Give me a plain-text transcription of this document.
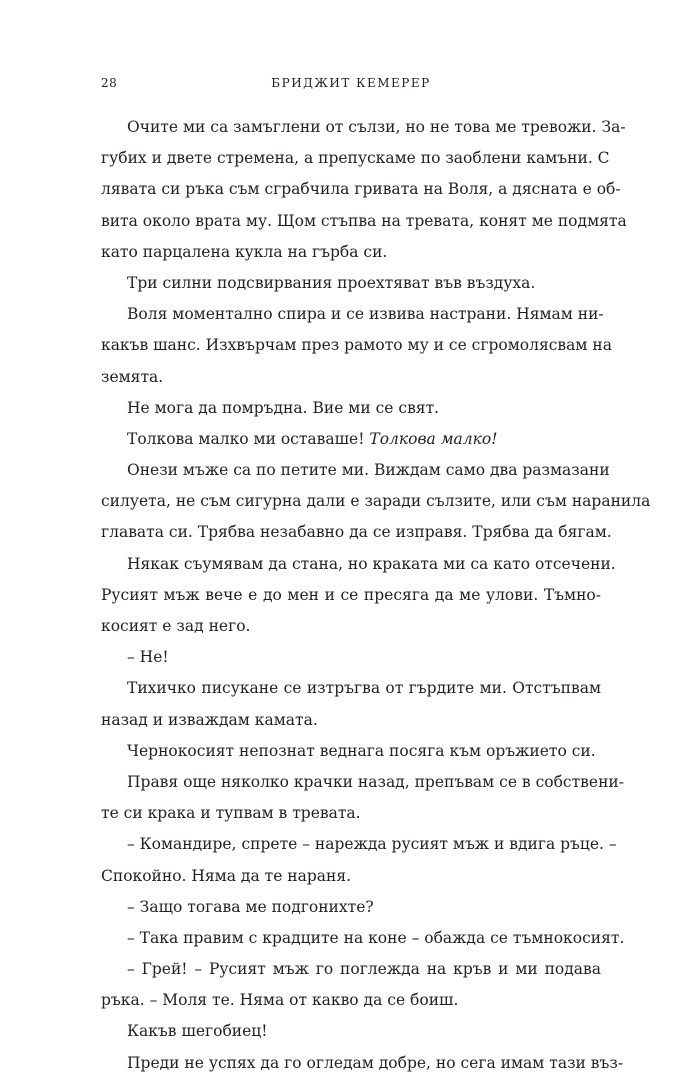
28	БРИДЖИТ КЕМЕРЕР
Очите ми са замъглени от сълзи, но не това ме тревожи. За-
губих и двете стремена, а препускаме по заоблени камъни. С
лявата си ръка съм сграбчила гривата на Воля, а дясната е об-
вита около врата му. Щом стъпва на тревата, конят ме подмята
като парцалена кукла на гърба си.
Три силни подсвирвания проехтяват във въздуха.
Воля моментално спира и се извива настрани. Нямам ни-
какъв шанс. Изхвърчам през рамото му и се сгромолясвам на
земята.
Не мога да помръдна. Вие ми се свят.
Толкова малко ми оставаше! Толкова малко!
Онези мъже са по петите ми. Виждам само два размазани
силуета, не съм сигурна дали е заради сълзите, или съм наранила
главата си. Трябва незабавно да се изправя. Трябва да бягам.
Някак съумявам да стана, но краката ми са като отсечени.
Русият мъж вече е до мен и се пресяга да ме улови. Тъмно-
косият е зад него.
– Не!
Тихичко писукане се изтръгва от гърдите ми. Отстъпвам
назад и изваждам камата.
Чернокосият непознат веднага посяга към оръжието си.
Правя още няколко крачки назад, препъвам се в собствени-
те си крака и тупвам в тревата.
– Командире, спрете – нарежда русият мъж и вдига ръце. –
Спокойно. Няма да те нараня.
– Защо тогава ме подгонихте?
– Така правим с крадците на коне – обажда се тъмнокосият.
– Грей! – Русият мъж го поглежда на кръв и ми подава
ръка. – Моля те. Няма от какво да се боиш.
Какъв шегобиец!
Преди не успях да го огледам добре, но сега имам тази въз-
